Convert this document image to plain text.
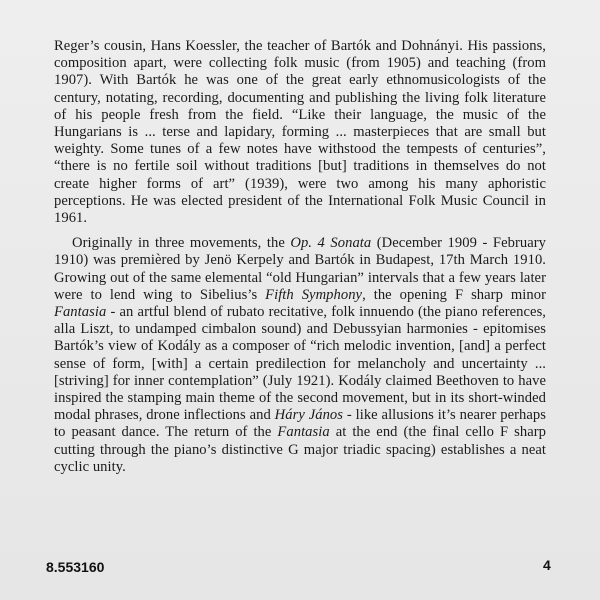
Reger’s cousin, Hans Koessler, the teacher of Bartók and Dohnányi. His passions, composition apart, were collecting folk music (from 1905) and teaching (from 1907). With Bartók he was one of the great early ethnomusicologists of the century, notating, recording, documenting and publishing the living folk literature of his people fresh from the field. “Like their language, the music of the Hungarians is ... terse and lapidary, forming ... masterpieces that are small but weighty. Some tunes of a few notes have withstood the tempests of centuries”, “there is no fertile soil without traditions [but] traditions in themselves do not create higher forms of art” (1939), were two among his many aphoristic perceptions. He was elected president of the International Folk Music Council in 1961.

Originally in three movements, the Op. 4 Sonata (December 1909 - February 1910) was premièred by Jenö Kerpely and Bartók in Budapest, 17th March 1910. Growing out of the same elemental “old Hungarian” intervals that a few years later were to lend wing to Sibelius’s Fifth Symphony, the opening F sharp minor Fantasia - an artful blend of rubato recitative, folk innuendo (the piano references, alla Liszt, to undamped cimbalon sound) and Debussyian harmonies - epitomises Bartók’s view of Kodály as a composer of “rich melodic invention, [and] a perfect sense of form, [with] a certain predilection for melancholy and uncertainty ... [striving] for inner contemplation” (July 1921). Kodály claimed Beethoven to have inspired the stamping main theme of the second movement, but in its short-winded modal phrases, drone inflections and Háry János - like allusions it’s nearer perhaps to peasant dance. The return of the Fantasia at the end (the final cello F sharp cutting through the piano’s distinctive G major triadic spacing) establishes a neat cyclic unity.

8.553160	4
